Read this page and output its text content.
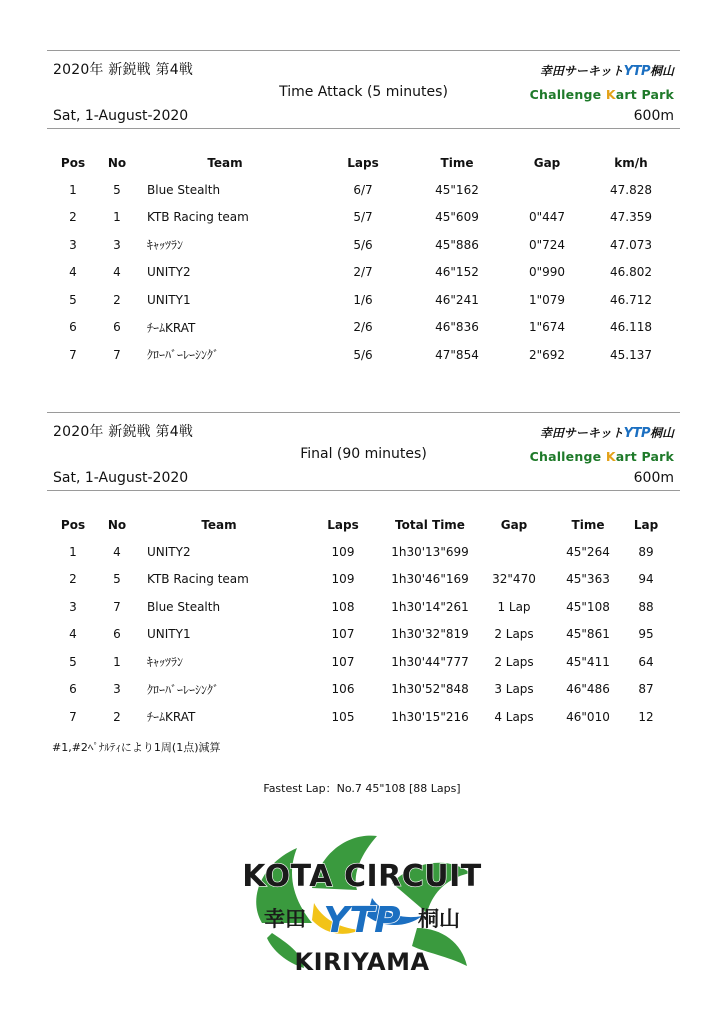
2020年 新鋭戦 第4戦	幸田サーキットYTP桐山
Challenge Kart Park
Time Attack (5 minutes)
Sat, 1-August-2020	600m
Pos	No	Team	Laps	Time	Gap	km/h
1	5	Blue Stealth	6/7	45"162		47.828
2	1	KTB Racing team	5/7	45"609	0"447	47.359
3	3	ｷｬｯﾂﾗﾝ	5/6	45"886	0"724	47.073
4	4	UNITY2	2/7	46"152	0"990	46.802
5	2	UNITY1	1/6	46"241	1"079	46.712
6	6	ﾁｰﾑKRAT	2/6	46"836	1"674	46.118
7	7	ｸﾛｰﾊﾞｰﾚｰｼﾝｸﾞ	5/6	47"854	2"692	45.137
2020年 新鋭戦 第4戦	幸田サーキットYTP桐山
Challenge Kart Park
Final (90 minutes)
Sat, 1-August-2020	600m
Pos	No	Team	Laps	Total Time	Gap	Time	Lap
1	4	UNITY2	109	1h30'13"699		45"264	89
2	5	KTB Racing team	109	1h30'46"169	32"470	45"363	94
3	7	Blue Stealth	108	1h30'14"261	1 Lap	45"108	88
4	6	UNITY1	107	1h30'32"819	2 Laps	45"861	95
5	1	ｷｬｯﾂﾗﾝ	107	1h30'44"777	2 Laps	45"411	64
6	3	ｸﾛｰﾊﾞｰﾚｰｼﾝｸﾞ	106	1h30'52"848	3 Laps	46"486	87
7	2	ﾁｰﾑKRAT	105	1h30'15"216	4 Laps	46"010	12
#1,#2ﾍﾟﾅﾙﾃｨにより1周(1点)減算
Fastest Lap：No.7 45"108 [88 Laps]
KOTA CIRCUIT
幸田 YTP 桐山
KIRIYAMA
